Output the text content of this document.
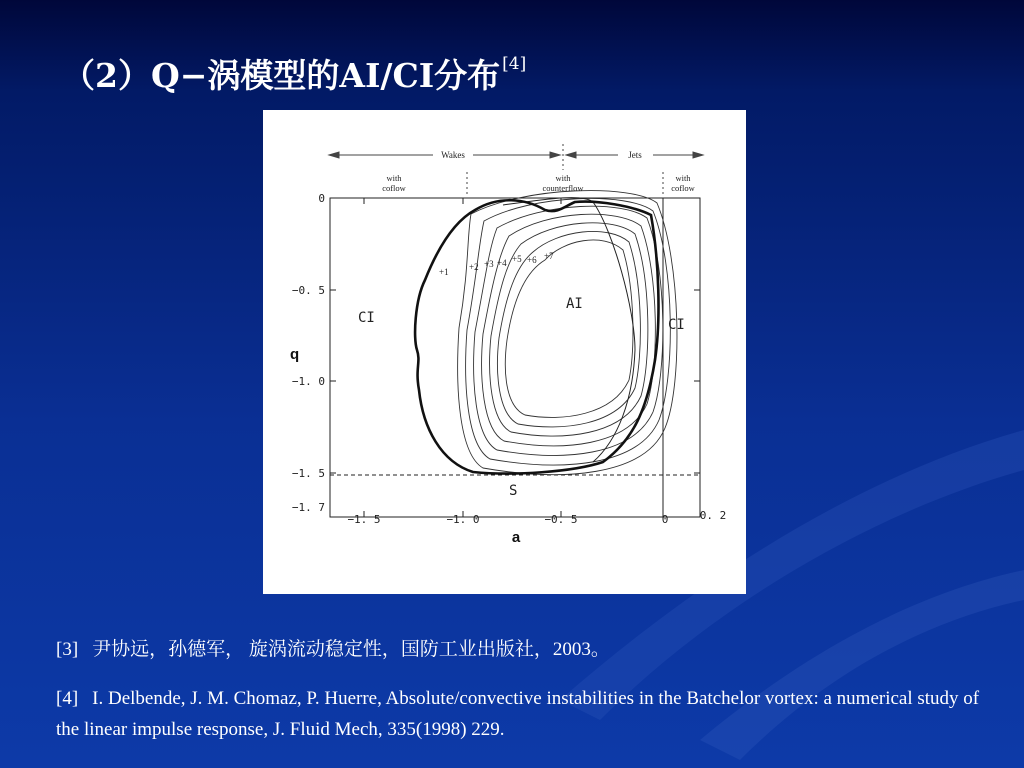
（2）Q−涡模型的AI/CI分布 [4]
Wakes	Jets
with
coflow
with
counterflow
with
coflow
0
−0. 5
−1. 0
−1. 5
−1. 7
q
−1. 5	−1. 0	−0. 5	0	0. 2
a
CI
AI
CI
S
+1 +2 +3 +4 +5 +6 +7
[3] 尹协远，孙德军， 旋涡流动稳定性，国防工业出版社，2003。
[4] I. Delbende, J. M. Chomaz, P. Huerre, Absolute/convective instabilities in the Batchelor vortex: a numerical study of the linear impulse response, J. Fluid Mech, 335(1998) 229.
